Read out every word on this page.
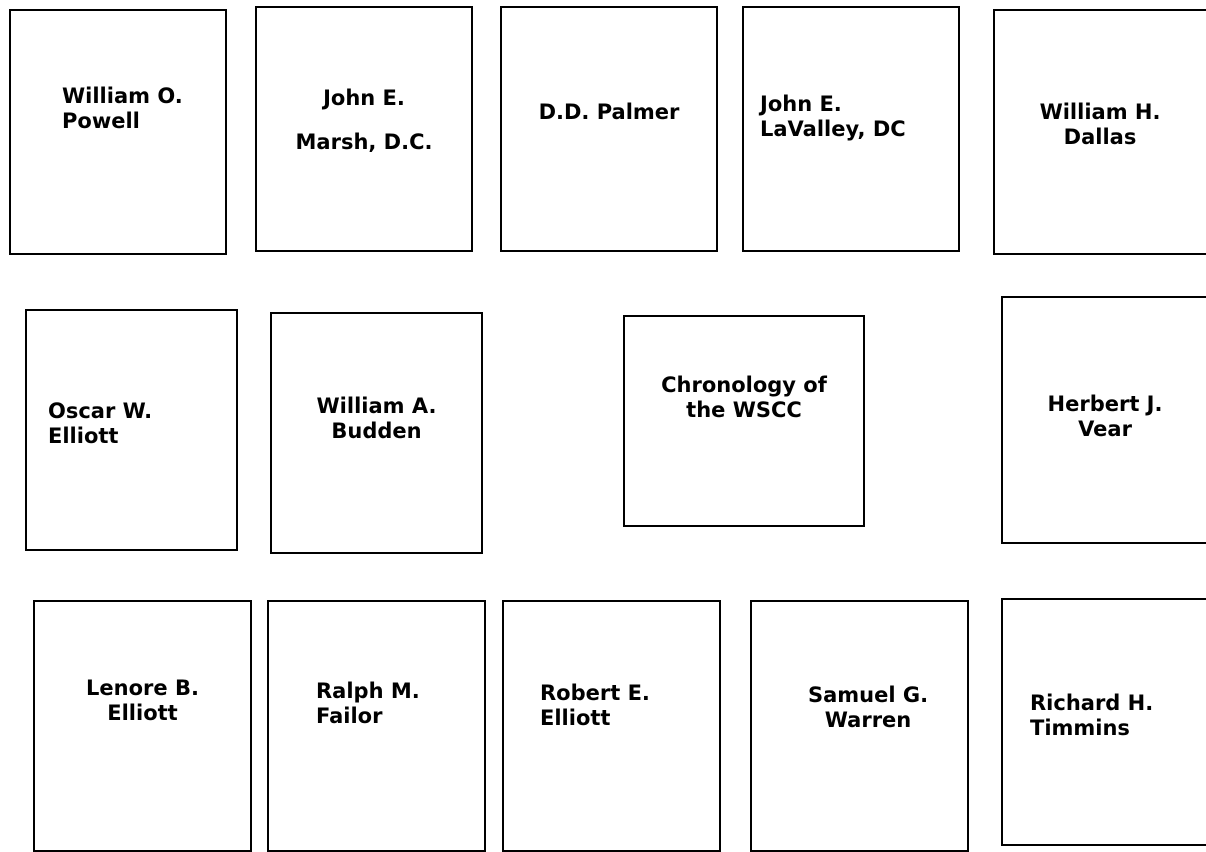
William O.
Powell
John E.
Marsh, D.C.
D.D. Palmer	John E.
LaValley, DC
William H.
Dallas
Oscar W.
Elliott
William A.
Budden
Chronology of
the WSCC	Herbert J.
Vear
Lenore B.
Elliott
Ralph M.
Failor
Robert E.
Elliott
Samuel G.
Warren
Richard H.
Timmins
